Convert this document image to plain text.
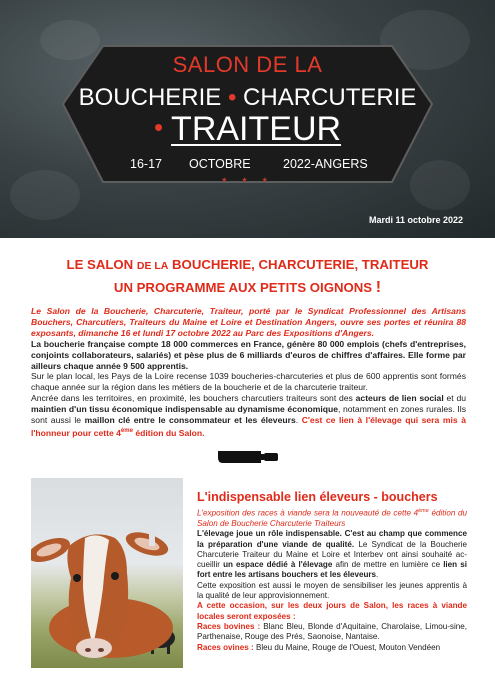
SALON DE LA
BOUCHERIE • CHARCUTERIE
• TRAITEUR
16-17 OCTOBRE	2022-ANGERS
★ ★ ★
Mardi 11 octobre 2022
LE SALON DE LA BOUCHERIE, CHARCUTERIE, TRAITEUR
UN PROGRAMME AUX PETITS OIGNONS !

Le Salon de la Boucherie, Charcuterie, Traiteur, porté par le Syndicat Professionnel des Artisans Bouchers, Charcutiers, Traiteurs du Maine et Loire et Destination Angers, ouvre ses portes et réunira 88 exposants, dimanche 16 et lundi 17 octobre 2022 au Parc des Expositions d'Angers.

La boucherie française compte 18 000 commerces en France, génère 80 000 emplois (chefs d'entreprises, conjoints collaborateurs, salariés) et pèse plus de 6 milliards d'euros de chiffres d'affaires. Elle forme par ailleurs chaque année 9 500 apprentis.

Sur le plan local, les Pays de la Loire recense 1039 boucheries-charcuteries et plus de 600 apprentis sont formés chaque année sur la région dans les métiers de la boucherie et de la charcuterie traiteur.

Ancrée dans les territoires, en proximité, les bouchers charcutiers traiteurs sont des acteurs de lien social et du maintien d'un tissu économique indispensable au dynamisme économique, notamment en zones rurales. Ils sont aussi le maillon clé entre le consommateur et les éleveurs. C'est ce lien à l'élevage qui sera mis à l'honneur pour cette 4ème édition du Salon.

L'indispensable lien éleveurs - bouchers

L'exposition des races à viande sera la nouveauté de cette 4ème édition du Salon de Boucherie Charcuterie Traiteurs

L'élevage joue un rôle indispensable. C'est au champ que commence la préparation d'une viande de qualité. Le Syndicat de la Boucherie Charcuterie Traiteur du Maine et Loire et Interbev ont ainsi souhaité ac-cueillir un espace dédié à l'élevage afin de mettre en lumière ce lien si fort entre les artisans bouchers et les éleveurs.

Cette exposition est aussi le moyen de sensibiliser les jeunes apprentis à la qualité de leur approvisionnement.

A cette occasion, sur les deux jours de Salon, les races à viande locales seront exposées :

Races bovines : Blanc Bleu, Blonde d'Aquitaine, Charolaise, Limou-sine, Parthenaise, Rouge des Prés, Saonoise, Nantaise.

Races ovines : Bleu du Maine, Rouge de l'Ouest, Mouton Vendéen
